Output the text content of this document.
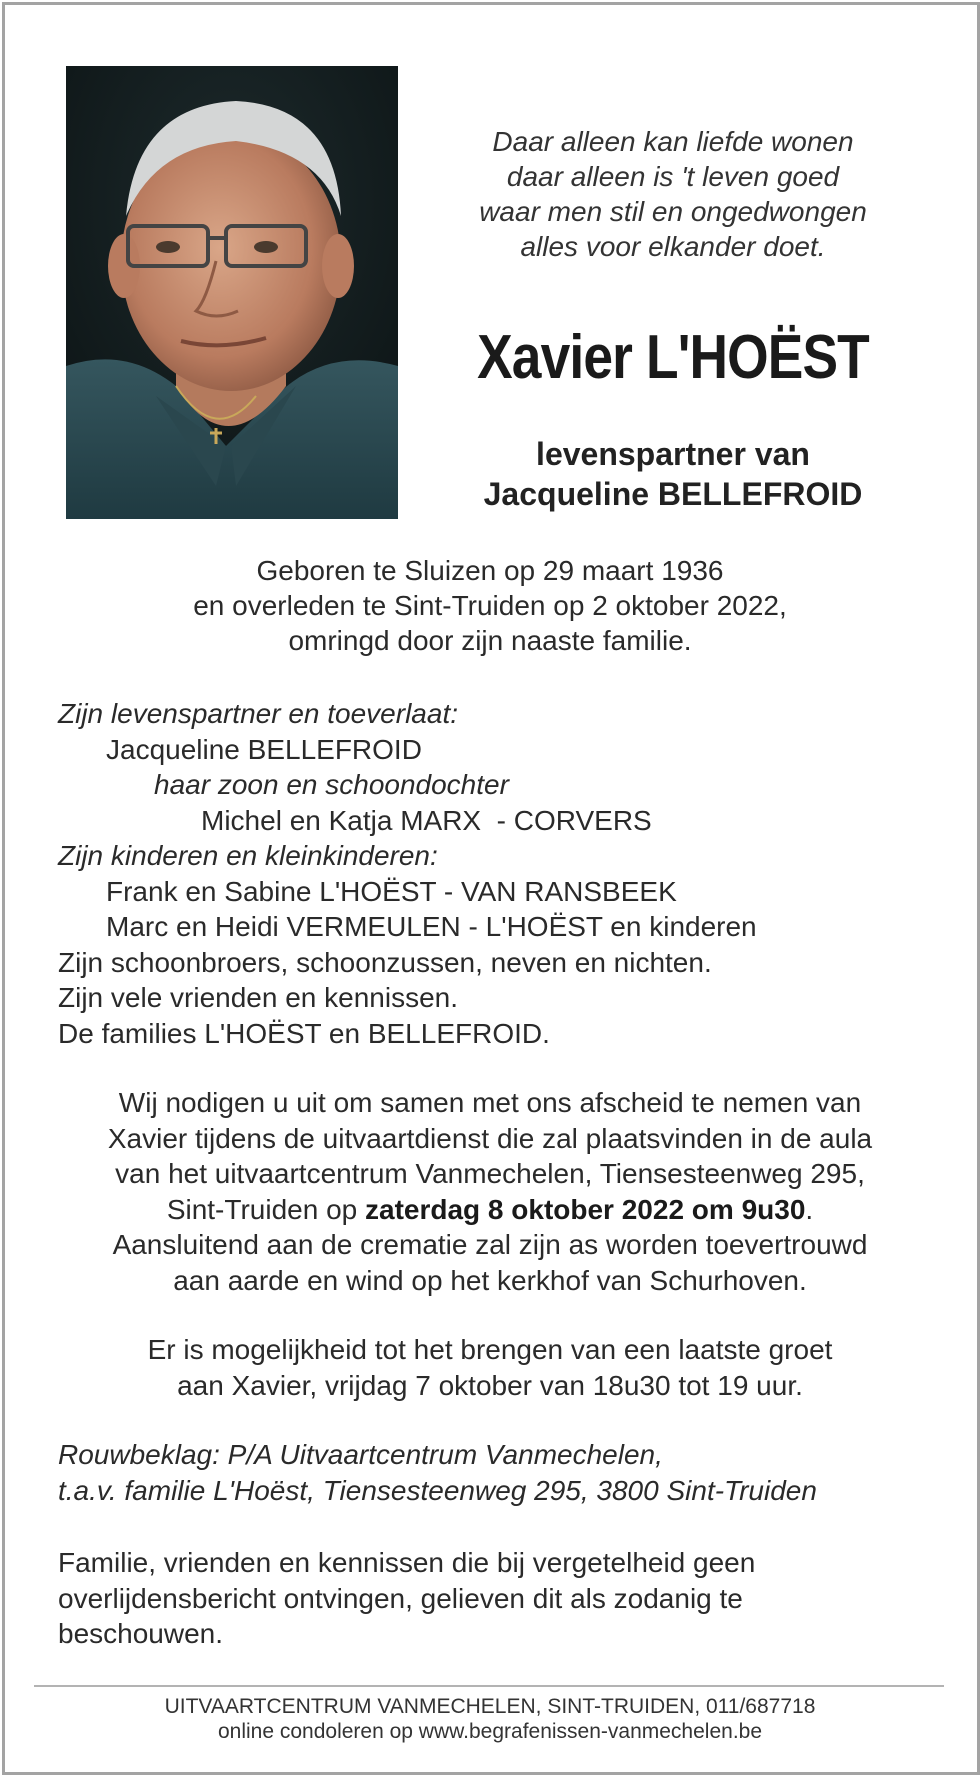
Daar alleen kan liefde wonen
daar alleen is 't leven goed
waar men stil en ongedwongen
alles voor elkander doet.
Xavier L'HOËST
levenspartner van
Jacqueline BELLEFROID
Geboren te Sluizen op 29 maart 1936
en overleden te Sint-Truiden op 2 oktober 2022,
omringd door zijn naaste familie.
Zijn levenspartner en toeverlaat:
Jacqueline BELLEFROID
haar zoon en schoondochter
Michel en Katja MARX  - CORVERS
Zijn kinderen en kleinkinderen:
Frank en Sabine L'HOËST - VAN RANSBEEK
Marc en Heidi VERMEULEN - L'HOËST en kinderen
Zijn schoonbroers, schoonzussen, neven en nichten.
Zijn vele vrienden en kennissen.
De families L'HOËST en BELLEFROID.
Wij nodigen u uit om samen met ons afscheid te nemen van
Xavier tijdens de uitvaartdienst die zal plaatsvinden in de aula
van het uitvaartcentrum Vanmechelen, Tiensesteenweg 295,
Sint-Truiden op zaterdag 8 oktober 2022 om 9u30.
Aansluitend aan de crematie zal zijn as worden toevertrouwd
aan aarde en wind op het kerkhof van Schurhoven.
Er is mogelijkheid tot het brengen van een laatste groet
aan Xavier, vrijdag 7 oktober van 18u30 tot 19 uur.
Rouwbeklag: P/A Uitvaartcentrum Vanmechelen,
t.a.v. familie L'Hoëst, Tiensesteenweg 295, 3800 Sint-Truiden
Familie, vrienden en kennissen die bij vergetelheid geen overlijdensbericht ontvingen, gelieven dit als zodanig te beschouwen.
UITVAARTCENTRUM VANMECHELEN, SINT-TRUIDEN, 011/687718
online condoleren op www.begrafenissen-vanmechelen.be
